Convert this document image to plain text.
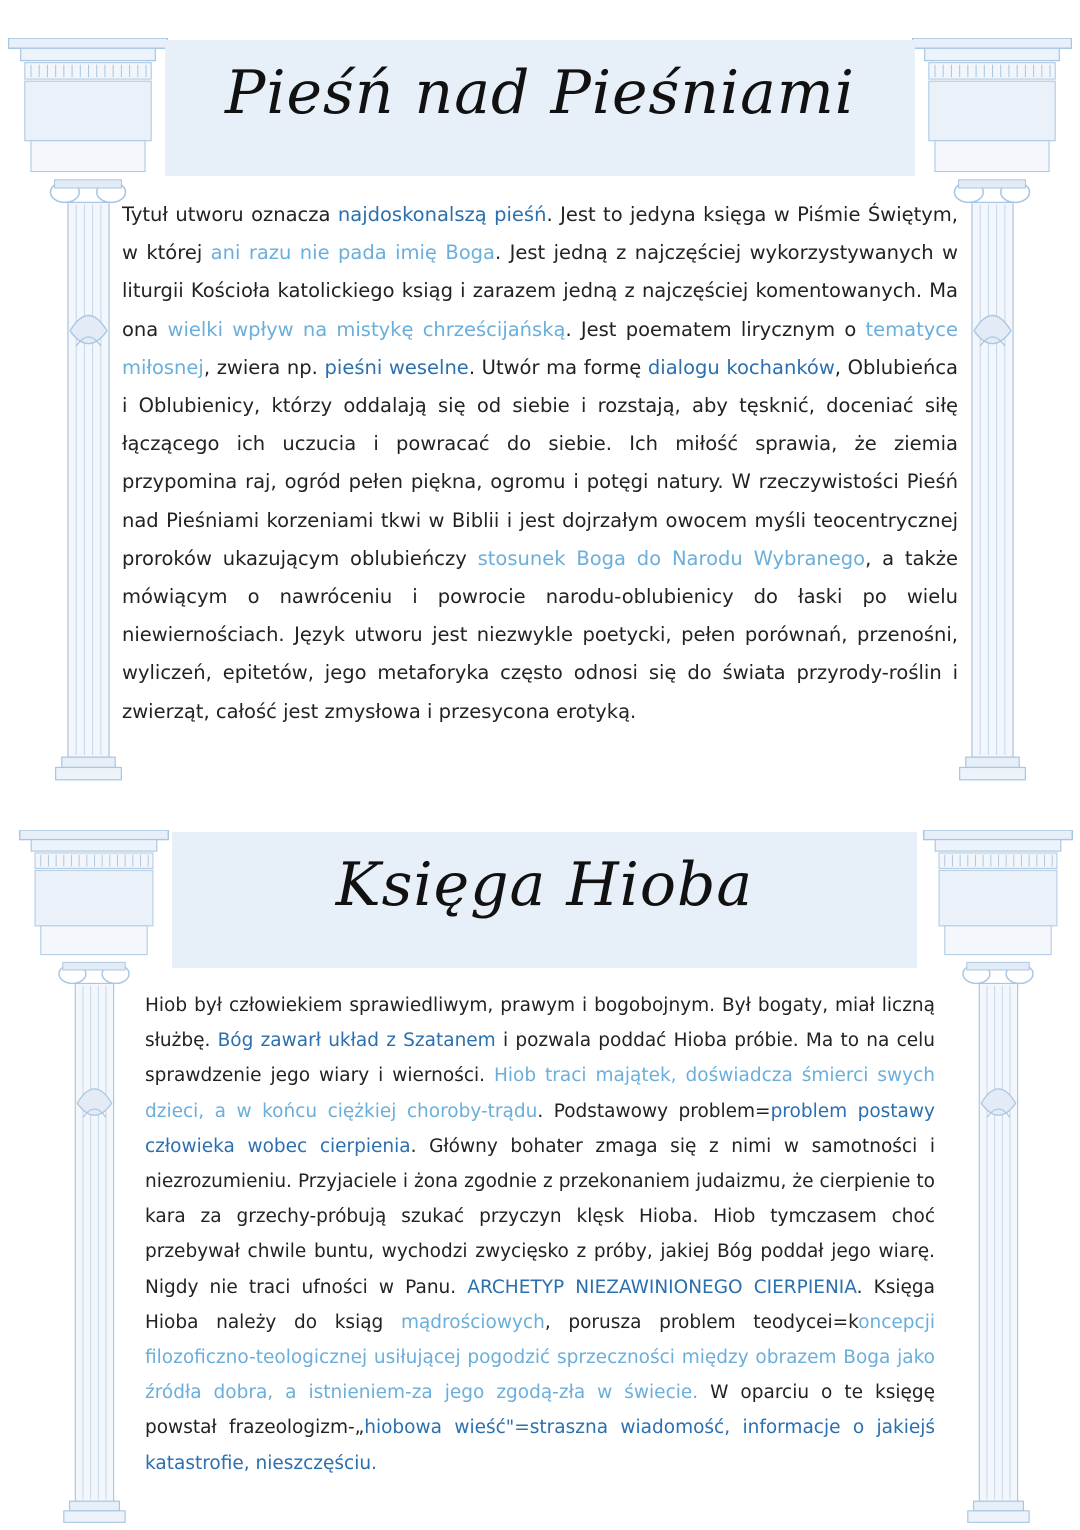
Pieśń nad Pieśniami
Tytuł utworu oznacza najdoskonalszą pieśń. Jest to jedyna księga w Piśmie Świętym, w której ani razu nie pada imię Boga. Jest jedną z najczęściej wykorzystywanych w liturgii Kościoła katolickiego ksiąg i zarazem jedną z najczęściej komentowanych. Ma ona wielki wpływ na mistykę chrześcijańską. Jest poematem lirycznym o tematyce miłosnej, zwiera np. pieśni weselne. Utwór ma formę dialogu kochanków, Oblubieńca i Oblubienicy, którzy oddalają się od siebie i rozstają, aby tęsknić, doceniać siłę łączącego ich uczucia i powracać do siebie. Ich miłość sprawia, że ziemia przypomina raj, ogród pełen piękna, ogromu i potęgi natury. W rzeczywistości Pieśń nad Pieśniami korzeniami tkwi w Biblii i jest dojrzałym owocem myśli teocentrycznej proroków ukazującym oblubieńczy stosunek Boga do Narodu Wybranego, a także mówiącym o nawróceniu i powrocie narodu-oblubienicy do łaski po wielu niewiernościach. Język utworu jest niezwykle poetycki, pełen porównań, przenośni, wyliczeń, epitetów, jego metaforyka często odnosi się do świata przyrody-roślin i zwierząt, całość jest zmysłowa i przesycona erotyką.
Księga Hioba
Hiob był człowiekiem sprawiedliwym, prawym i bogobojnym. Był bogaty, miał liczną służbę. Bóg zawarł układ z Szatanem i pozwala poddać Hioba próbie. Ma to na celu sprawdzenie jego wiary i wierności. Hiob traci majątek, doświadcza śmierci swych dzieci, a w końcu ciężkiej choroby-trądu. Podstawowy problem=problem postawy człowieka wobec cierpienia. Główny bohater zmaga się z nimi w samotności i niezrozumieniu. Przyjaciele i żona zgodnie z przekonaniem judaizmu, że cierpienie to kara za grzechy-próbują szukać przyczyn klęsk Hioba. Hiob tymczasem choć przebywał chwile buntu, wychodzi zwycięsko z próby, jakiej Bóg poddał jego wiarę. Nigdy nie traci ufności w Panu. ARCHETYP NIEZAWINIONEGO CIERPIENIA. Księga Hioba należy do ksiąg mądrościowych, porusza problem teodycei=koncepcji filozoficzno-teologicznej usiłującej pogodzić sprzeczności między obrazem Boga jako źródła dobra, a istnieniem-za jego zgodą-zła w świecie. W oparciu o te księgę powstał frazeologizm-„hiobowa wieść"=straszna wiadomość, informacje o jakiejś katastrofie, nieszczęściu.
